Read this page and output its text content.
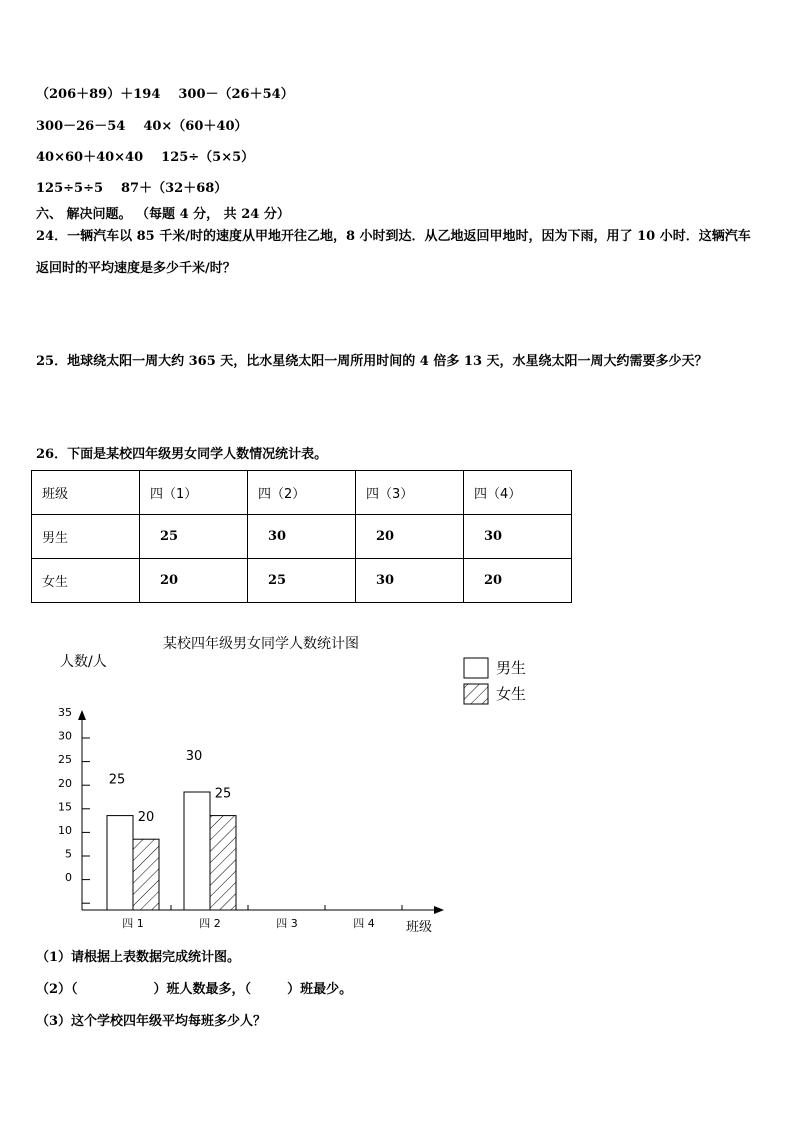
（206＋89）＋194 300－（26＋54）
300－26－54 40×（60＋40）
40×60＋40×40 125÷（5×5）
125÷5÷5 87＋（32＋68）
六、 解决问题。 （每题 4 分， 共 24 分）
24．一辆汽车以 85 千米/时的速度从甲地开往乙地，8 小时到达．从乙地返回甲地时，因为下雨，用了 10 小时．这辆汽车返回时的平均速度是多少千米/时？
25．地球绕太阳一周大约 365 天，比水星绕太阳一周所用时间的 4 倍多 13 天，水星绕太阳一周大约需要多少天？
26．下面是某校四年级男女同学人数情况统计表。
班级	四（1）	四（2）	四（3）	四（4）
男生	25	30	20	30
女生	20	25	30	20
某校四年级男女同学人数统计图
人数/人	男生
女生
班级
35
30
25
20
15
10
5
0
四 1	四 2	四 3	四 4
25
30
20
25
（1）请根据上表数据完成统计图。
（2）（	）班人数最多，（	）班最少。
（3）这个学校四年级平均每班多少人？
